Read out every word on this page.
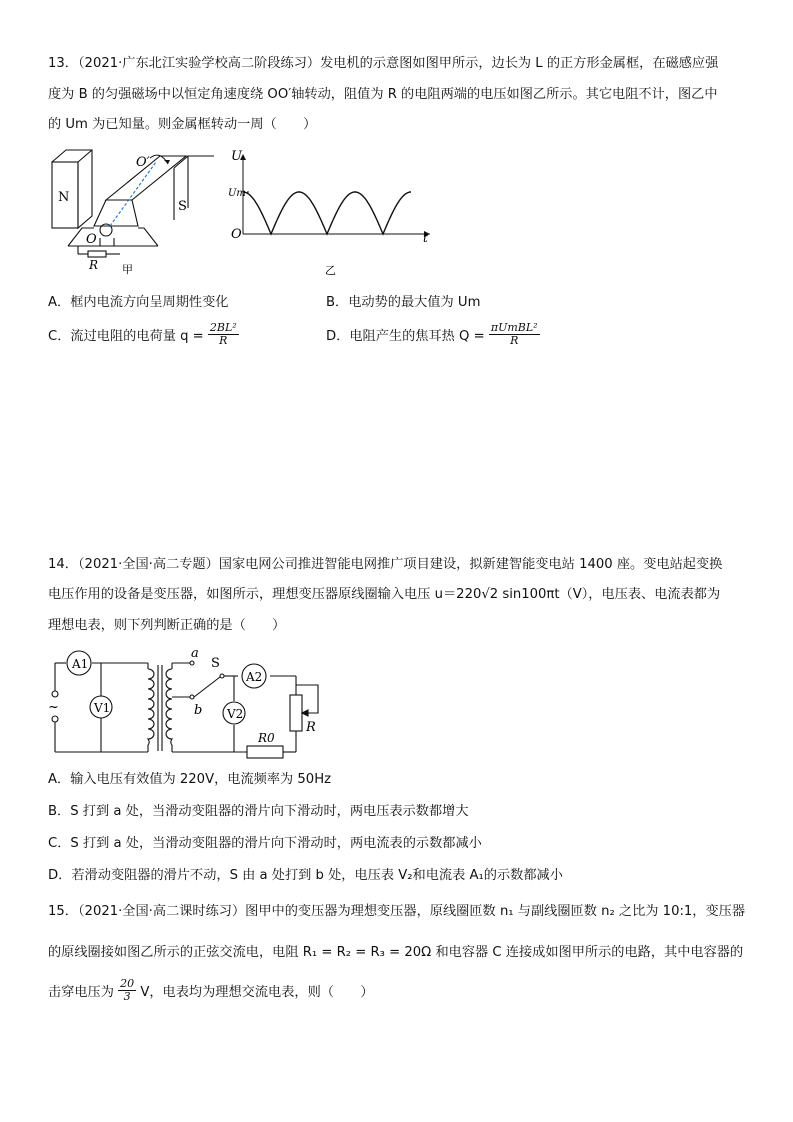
13．（2021·广东北江实验学校高二阶段练习）发电机的示意图如图甲所示，边长为 L 的正方形金属框，在磁感应强
度为 B 的匀强磁场中以恒定角速度绕 OO′轴转动，阻值为 R 的电阻两端的电压如图乙所示。其它电阻不计，图乙中
的 Um 为已知量。则金属框转动一周（　　）
N
S
O′
O
R 甲
U
Um
O	t
乙
A．框内电流方向呈周期性变化	B．电动势的最大值为 Um
C．流过电阻的电荷量 $q = \frac{\text{2BL²}}{R}$	D．电阻产生的焦耳热 $Q = \frac{\text{πUmBL²}}{R}$
14．（2021·全国·高二专题）国家电网公司推进智能电网推广项目建设，拟新建智能变电站 1400 座。变电站起变换
电压作用的设备是变压器，如图所示，理想变压器原线圈输入电压 u＝220√2 sin100πt（V），电压表、电流表都为
理想电表，则下列判断正确的是（　　）
A1
V1
A2
V2
a
b
S
R
R0
~
A．输入电压有效值为 220V，电流频率为 50Hz
B．S 打到 a 处，当滑动变阻器的滑片向下滑动时，两电压表示数都增大
C．S 打到 a 处，当滑动变阻器的滑片向下滑动时，两电流表的示数都减小
D．若滑动变阻器的滑片不动，S 由 a 处打到 b 处，电压表 V₂和电流表 A₁的示数都减小
15．（2021·全国·高二课时练习）图甲中的变压器为理想变压器，原线圈匝数 n₁ 与副线圈匝数 n₂ 之比为 10:1，变压器
的原线圈接如图乙所示的正弦交流电，电阻 R₁ = R₂ = R₃ = 20Ω 和电容器 C 连接成如图甲所示的电路，其中电容器的
击穿电压为 $\frac{20}{3}$ V，电表均为理想交流电表，则（　　）
